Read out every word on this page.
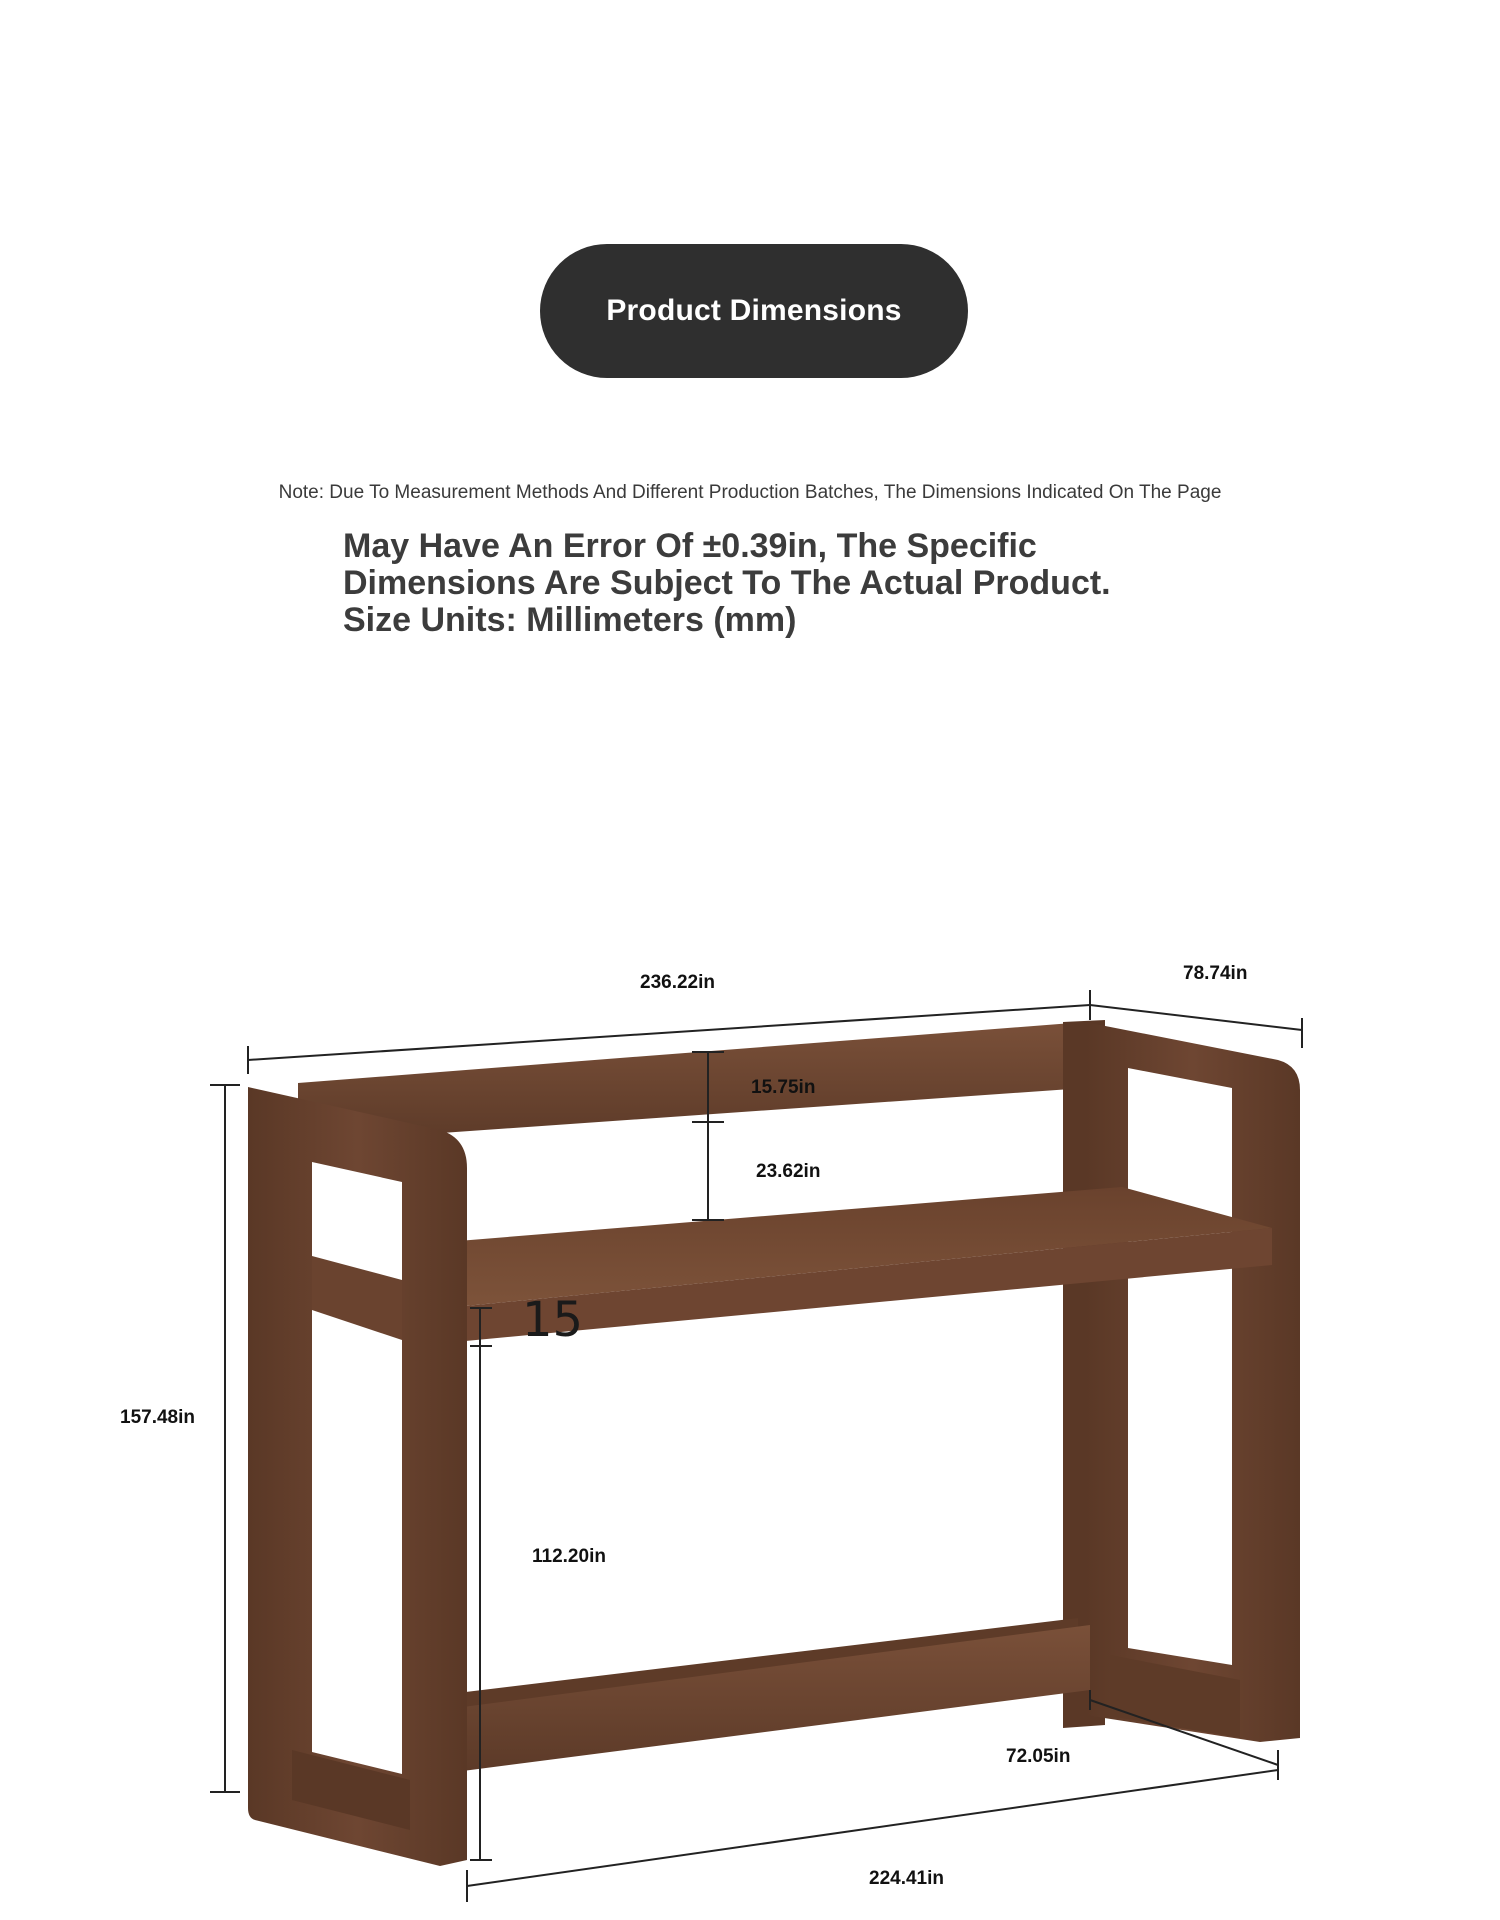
Product Dimensions
Note: Due To Measurement Methods And Different Production Batches, The Dimensions Indicated On The Page
May Have An Error Of ±0.39in, The Specific Dimensions Are Subject To The Actual Product. Size Units: Millimeters (mm)
236.22in	78.74in
15.75in
23.62in
15
157.48in
112.20in
72.05in
224.41in
